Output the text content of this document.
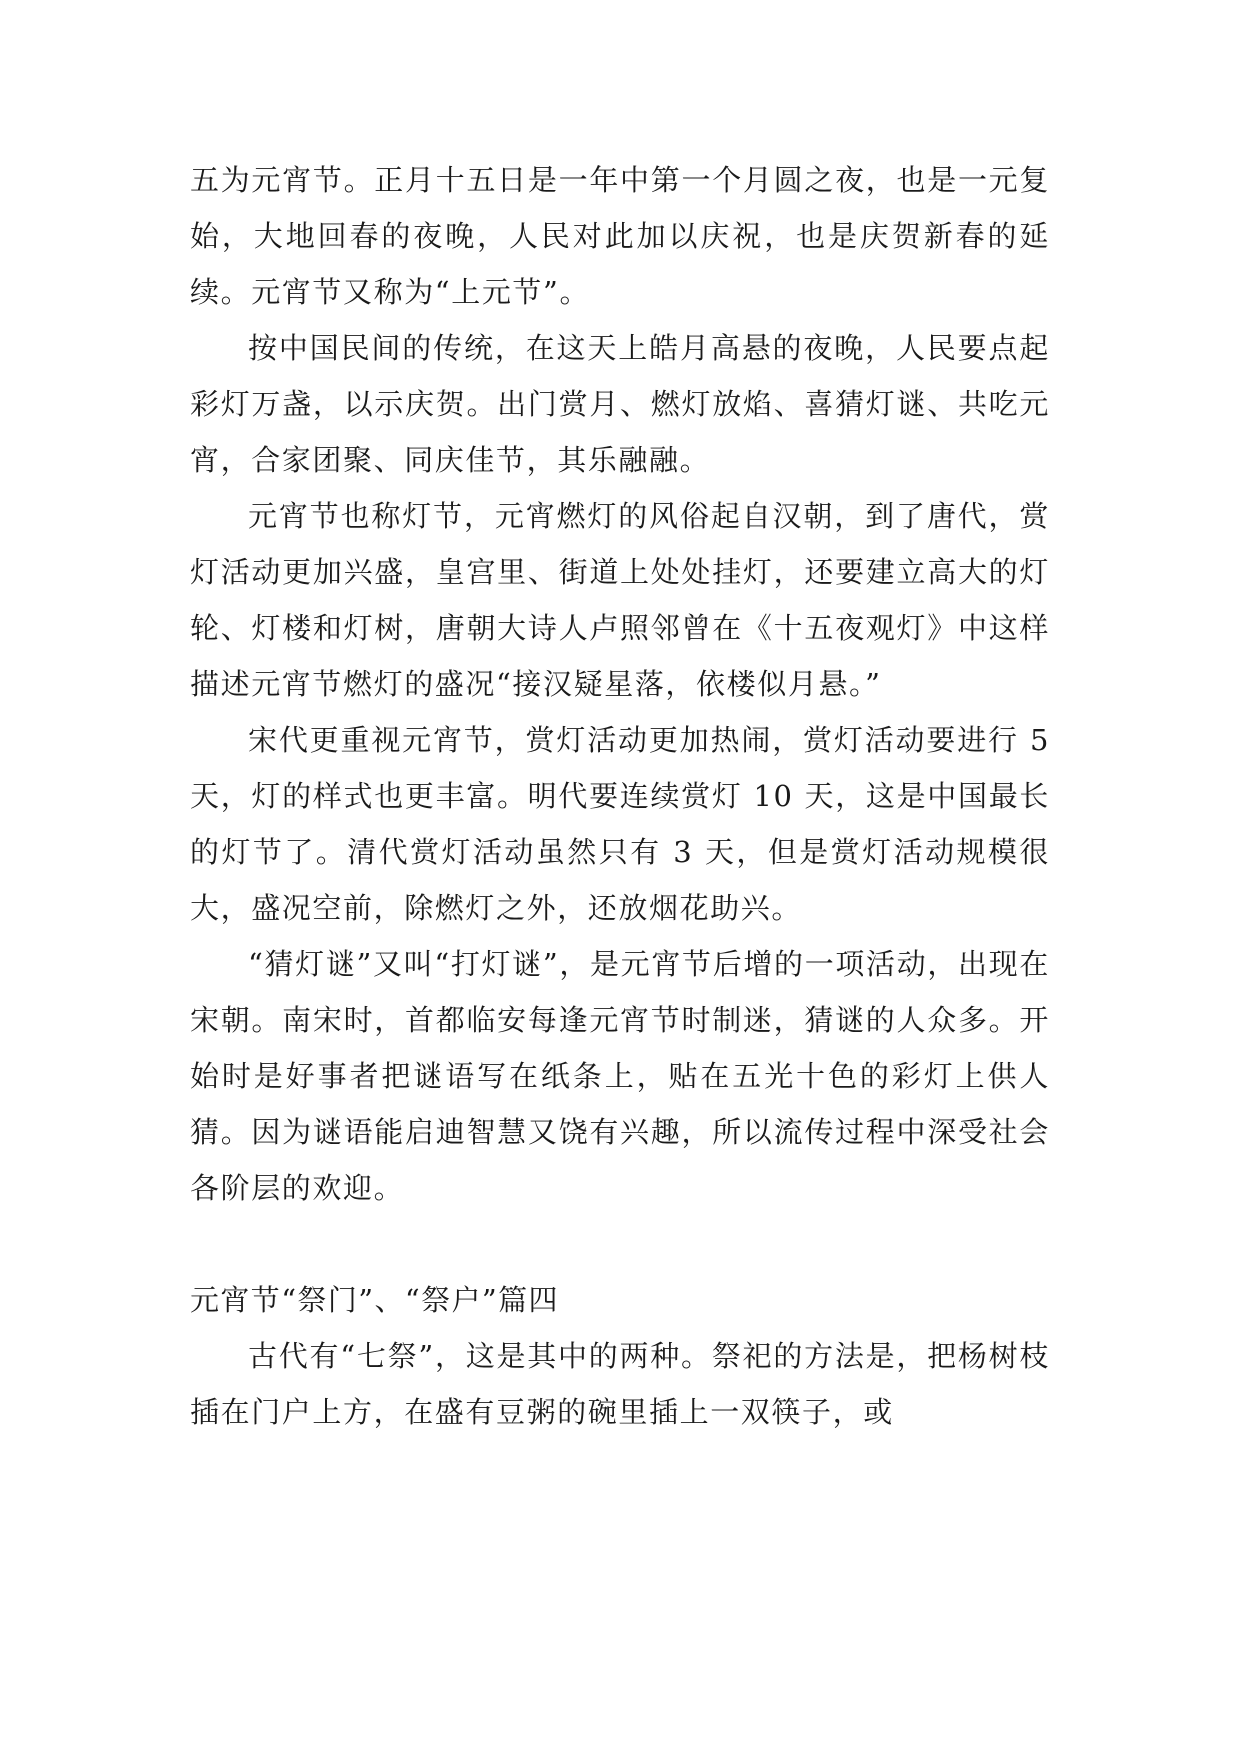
五为元宵节。正月十五日是一年中第一个月圆之夜，也是一元复始，大地回春的夜晚，人民对此加以庆祝，也是庆贺新春的延续。元宵节又称为“上元节”。

按中国民间的传统，在这天上皓月高悬的夜晚，人民要点起彩灯万盏，以示庆贺。出门赏月、燃灯放焰、喜猜灯谜、共吃元宵，合家团聚、同庆佳节，其乐融融。

元宵节也称灯节，元宵燃灯的风俗起自汉朝，到了唐代，赏灯活动更加兴盛，皇宫里、街道上处处挂灯，还要建立高大的灯轮、灯楼和灯树，唐朝大诗人卢照邻曾在《十五夜观灯》中这样描述元宵节燃灯的盛况“接汉疑星落，依楼似月悬。”

宋代更重视元宵节，赏灯活动更加热闹，赏灯活动要进行 5 天，灯的样式也更丰富。明代要连续赏灯 10 天，这是中国最长的灯节了。清代赏灯活动虽然只有 3 天，但是赏灯活动规模很大，盛况空前，除燃灯之外，还放烟花助兴。

“猜灯谜”又叫“打灯谜”，是元宵节后增的一项活动，出现在宋朝。南宋时，首都临安每逢元宵节时制迷，猜谜的人众多。开始时是好事者把谜语写在纸条上，贴在五光十色的彩灯上供人猜。因为谜语能启迪智慧又饶有兴趣，所以流传过程中深受社会各阶层的欢迎。

元宵节“祭门”、“祭户”篇四

古代有“七祭”，这是其中的两种。祭祀的方法是，把杨树枝插在门户上方，在盛有豆粥的碗里插上一双筷子，或
